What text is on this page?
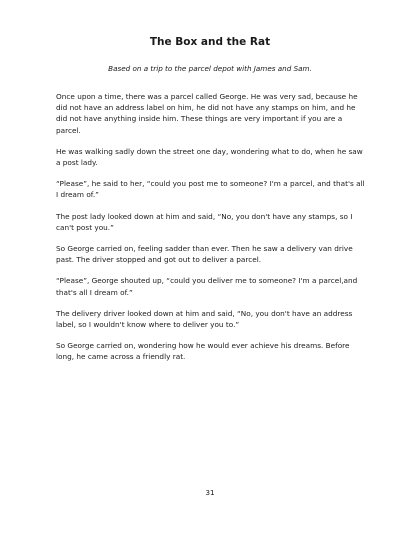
The Box and the Rat
Based on a trip to the parcel depot with James and Sam.

Once upon a time, there was a parcel called George. He was very sad, because he did not have an address label on him, he did not have any stamps on him, and he did not have anything inside him. These things are very important if you are a parcel.

He was walking sadly down the street one day, wondering what to do, when he saw a post lady.

“Please”, he said to her, “could you post me to someone? I'm a parcel, and that's all I dream of.”

The post lady looked down at him and said, “No, you don't have any stamps, so I can't post you.”

So George carried on, feeling sadder than ever. Then he saw a delivery van drive past. The driver stopped and got out to deliver a parcel.

“Please”, George shouted up, “could you deliver me to someone? I'm a parcel,and that's all I dream of.”

The delivery driver looked down at him and said, “No, you don't have an address label, so I wouldn't know where to deliver you to.”

So George carried on, wondering how he would ever achieve his dreams. Before long, he came across a friendly rat.

31
